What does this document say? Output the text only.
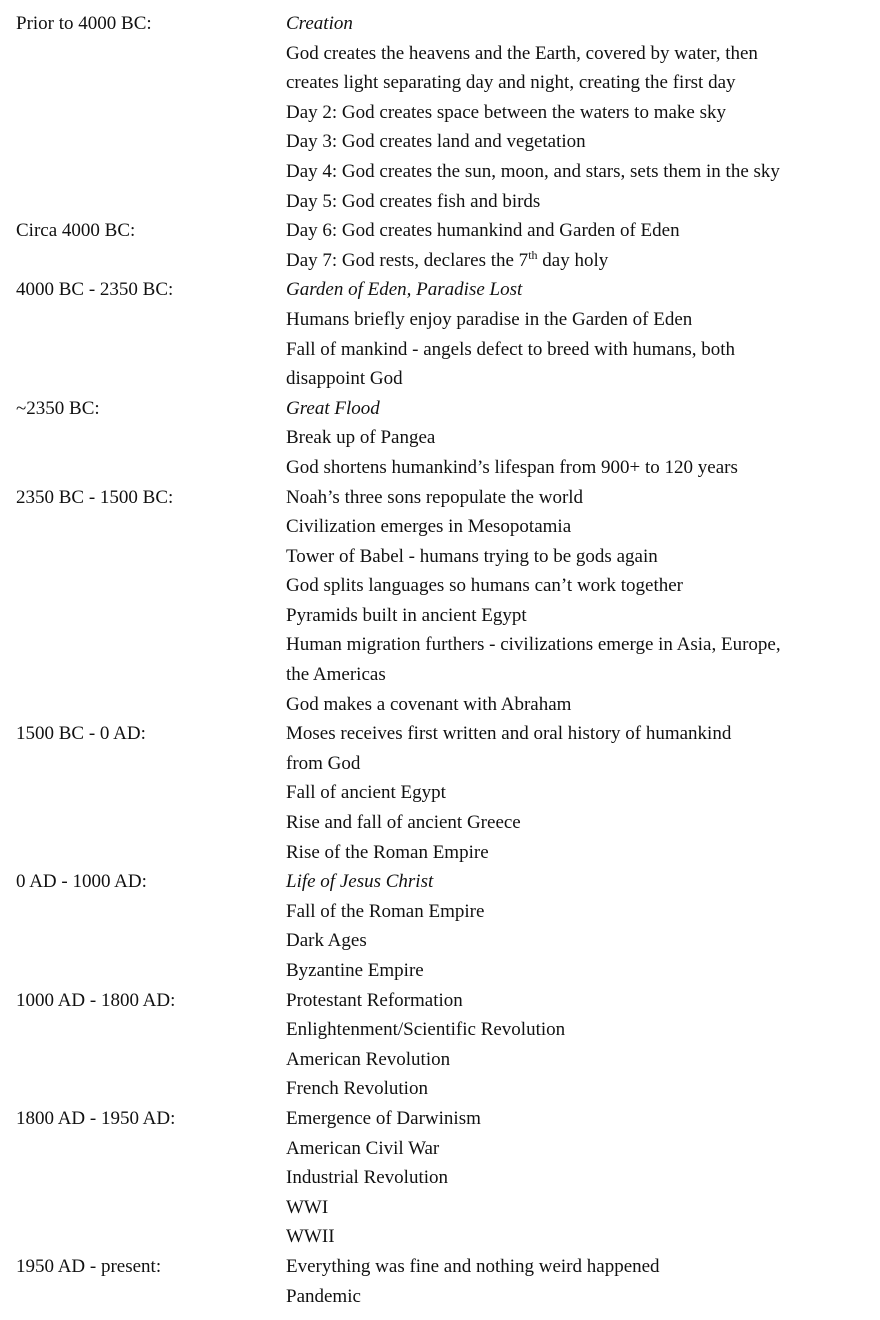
Prior to 4000 BC:	Creation
God creates the heavens and the Earth, covered by water, then
creates light separating day and night, creating the first day
Day 2: God creates space between the waters to make sky
Day 3: God creates land and vegetation
Day 4: God creates the sun, moon, and stars, sets them in the sky
Day 5: God creates fish and birds
Circa 4000 BC:	Day 6: God creates humankind and Garden of Eden
Day 7: God rests, declares the 7th day holy
4000 BC - 2350 BC:	Garden of Eden, Paradise Lost
Humans briefly enjoy paradise in the Garden of Eden
Fall of mankind - angels defect to breed with humans, both
disappoint God
~2350 BC:	Great Flood
Break up of Pangea
God shortens humankind’s lifespan from 900+ to 120 years
2350 BC - 1500 BC:	Noah’s three sons repopulate the world
Civilization emerges in Mesopotamia
Tower of Babel - humans trying to be gods again
God splits languages so humans can’t work together
Pyramids built in ancient Egypt
Human migration furthers - civilizations emerge in Asia, Europe,
the Americas
God makes a covenant with Abraham
1500 BC - 0 AD:	Moses receives first written and oral history of humankind
from God
Fall of ancient Egypt
Rise and fall of ancient Greece
Rise of the Roman Empire
0 AD - 1000 AD:	Life of Jesus Christ
Fall of the Roman Empire
Dark Ages
Byzantine Empire
1000 AD - 1800 AD:	Protestant Reformation
Enlightenment/Scientific Revolution
American Revolution
French Revolution
1800 AD - 1950 AD:	Emergence of Darwinism
American Civil War
Industrial Revolution
WWI
WWII
1950 AD - present:	Everything was fine and nothing weird happened
Pandemic
